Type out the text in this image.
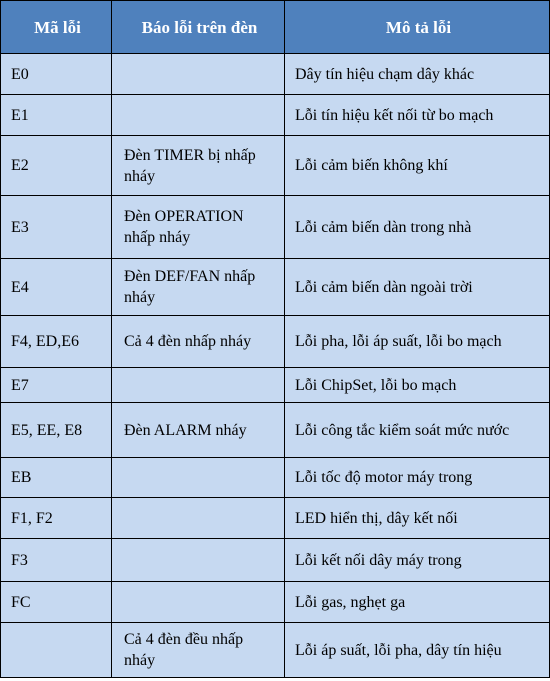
Mã lỗi	Báo lỗi trên đèn	Mô tả lỗi
E0		Dây tín hiệu chạm dây khác
E1		Lỗi tín hiệu kết nối từ bo mạch
E2	Đèn TIMER bị nhấp nháy	Lỗi cảm biến không khí
E3	Đèn OPERATION nhấp nháy	Lỗi cảm biến dàn trong nhà
E4	Đèn DEF/FAN nhấp nháy	Lỗi cảm biến dàn ngoài trời
F4, ED,E6	Cả 4 đèn nhấp nháy	Lỗi pha, lỗi áp suất, lỗi bo mạch
E7		Lỗi ChipSet, lỗi bo mạch
E5, EE, E8	Đèn ALARM nháy	Lỗi công tắc kiểm soát mức nước
EB		Lỗi tốc độ motor máy trong
F1, F2		LED hiển thị, dây kết nối
F3		Lỗi kết nối dây máy trong
FC		Lỗi gas, nghẹt ga
	Cả 4 đèn đều nhấp nháy	Lỗi áp suất, lỗi pha, dây tín hiệu
